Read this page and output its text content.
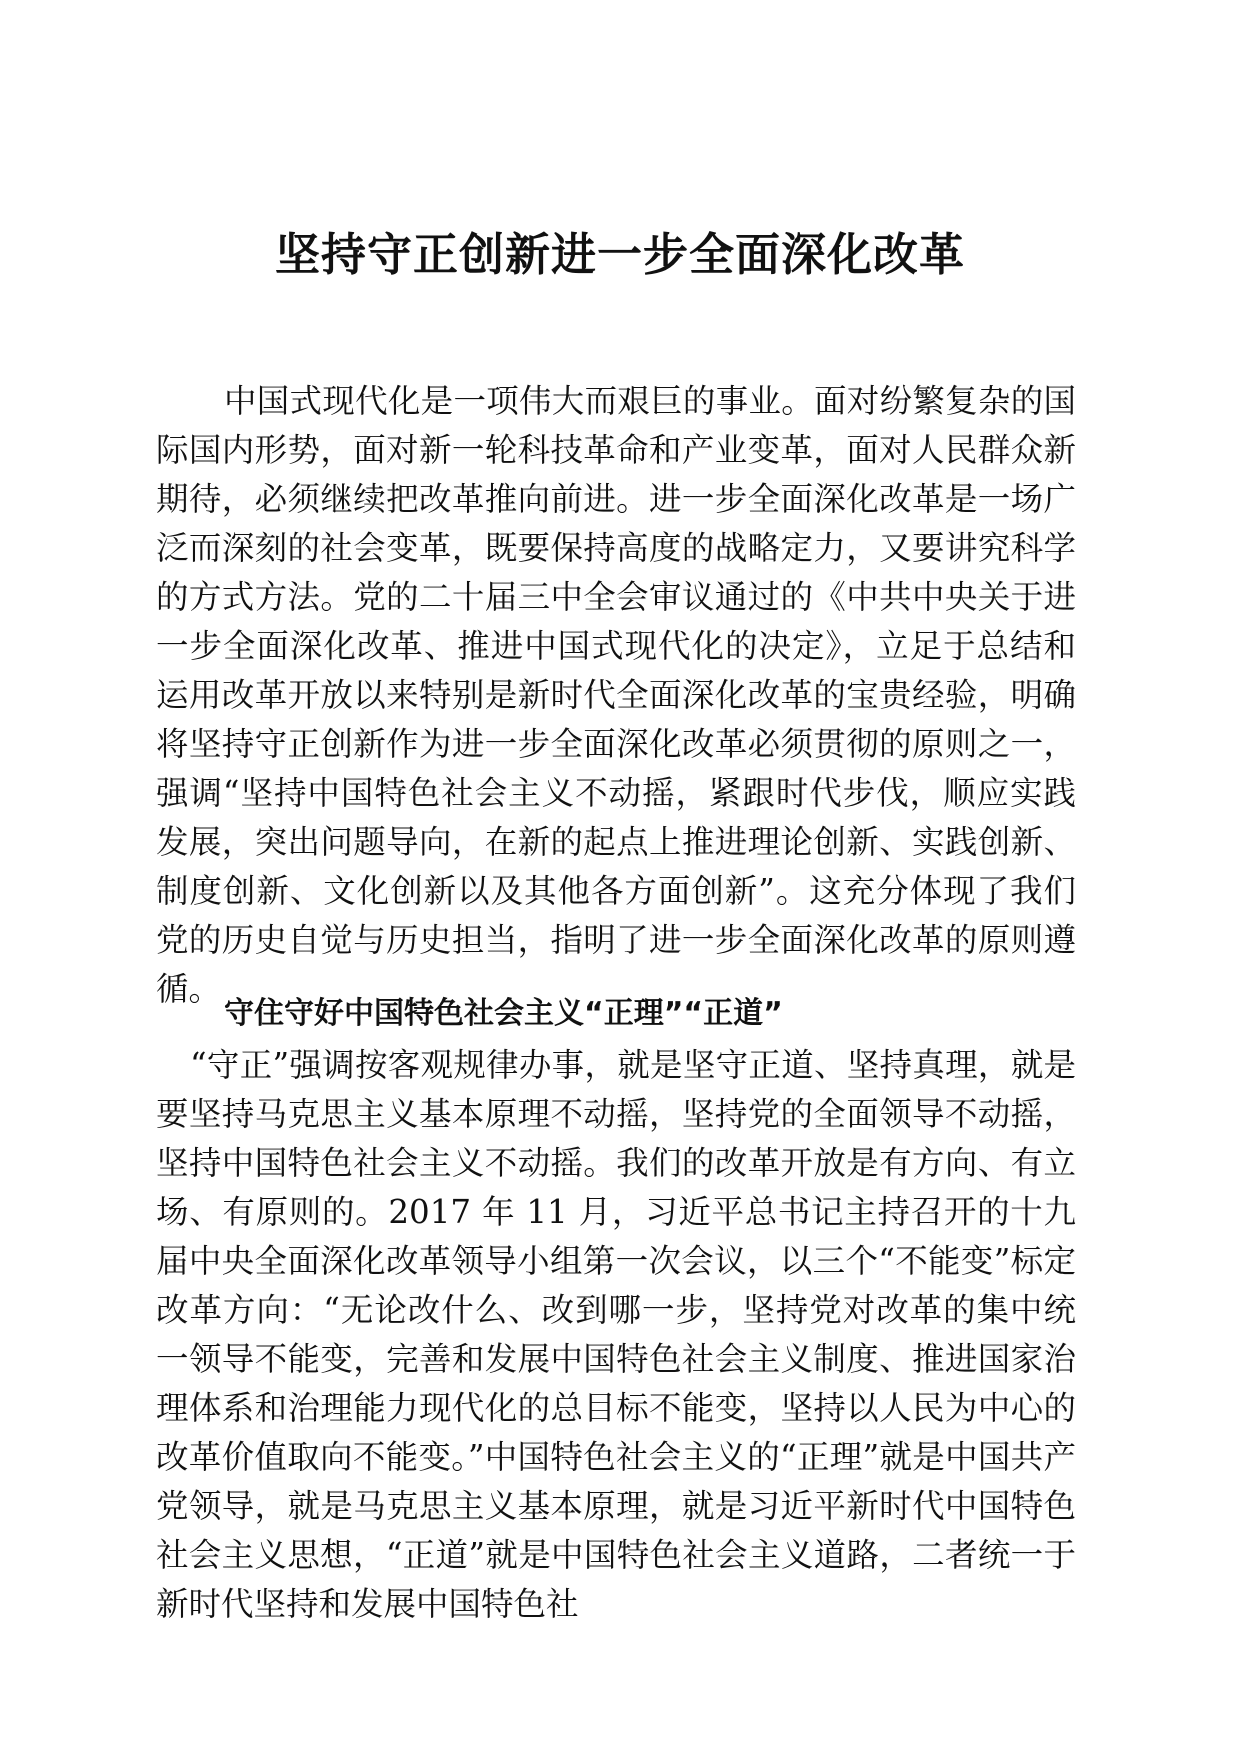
坚持守正创新进一步全面深化改革

中国式现代化是一项伟大而艰巨的事业。面对纷繁复杂的国际国内形势，面对新一轮科技革命和产业变革，面对人民群众新期待，必须继续把改革推向前进。进一步全面深化改革是一场广泛而深刻的社会变革，既要保持高度的战略定力，又要讲究科学的方式方法。党的二十届三中全会审议通过的《中共中央关于进一步全面深化改革、推进中国式现代化的决定》，立足于总结和运用改革开放以来特别是新时代全面深化改革的宝贵经验，明确将坚持守正创新作为进一步全面深化改革必须贯彻的原则之一，强调“坚持中国特色社会主义不动摇，紧跟时代步伐，顺应实践发展，突出问题导向，在新的起点上推进理论创新、实践创新、制度创新、文化创新以及其他各方面创新”。这充分体现了我们党的历史自觉与历史担当，指明了进一步全面深化改革的原则遵循。

守住守好中国特色社会主义“正理”“正道”

“守正”强调按客观规律办事，就是坚守正道、坚持真理，就是要坚持马克思主义基本原理不动摇，坚持党的全面领导不动摇，坚持中国特色社会主义不动摇。我们的改革开放是有方向、有立场、有原则的。2017 年 11 月，习近平总书记主持召开的十九届中央全面深化改革领导小组第一次会议，以三个“不能变”标定改革方向：“无论改什么、改到哪一步，坚持党对改革的集中统一领导不能变，完善和发展中国特色社会主义制度、推进国家治理体系和治理能力现代化的总目标不能变，坚持以人民为中心的改革价值取向不能变。”中国特色社会主义的“正理”就是中国共产党领导，就是马克思主义基本原理，就是习近平新时代中国特色社会主义思想，“正道”就是中国特色社会主义道路，二者统一于新时代坚持和发展中国特色社
